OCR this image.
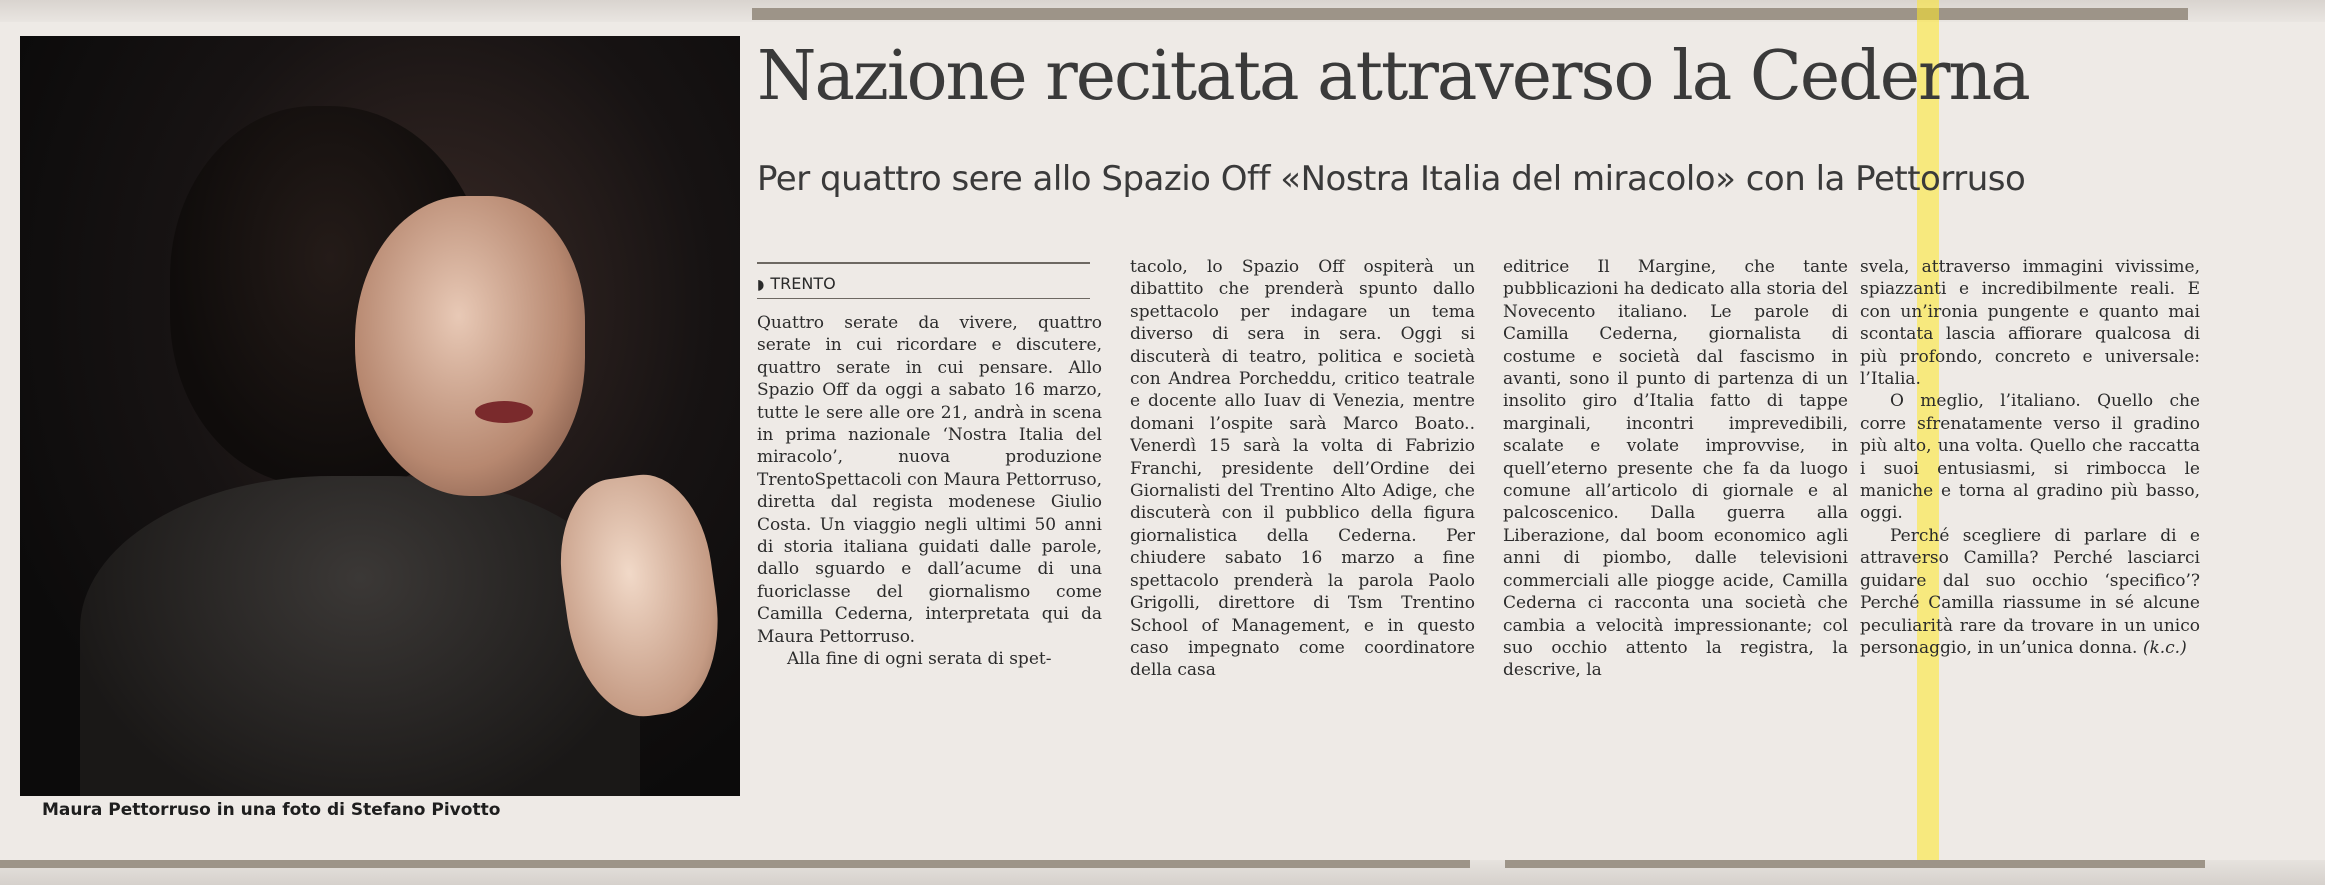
Maura Pettorruso in una foto di Stefano Pivotto
Nazione recitata attraverso la Cederna
Per quattro sere allo Spazio Off «Nostra Italia del miracolo» con la Pettorruso
◗ TRENTO

Quattro serate da vivere, quattro serate in cui ricordare e discutere, quattro serate in cui pensare. Allo Spazio Off da oggi a sabato 16 marzo, tutte le sere alle ore 21, andrà in scena in prima nazionale ‘Nostra Italia del miracolo’, nuova produzione TrentoSpettacoli con Maura Pettorruso, diretta dal regista modenese Giulio Costa. Un viaggio negli ultimi 50 anni di storia italiana guidati dalle parole, dallo sguardo e dall’acume di una fuoriclasse del giornalismo come Camilla Cederna, interpretata qui da Maura Pettorruso.

Alla fine di ogni serata di spet-

tacolo, lo Spazio Off ospiterà un dibattito che prenderà spunto dallo spettacolo per indagare un tema diverso di sera in sera. Oggi si discuterà di teatro, politica e società con Andrea Porcheddu, critico teatrale e docente allo Iuav di Venezia, mentre domani l’ospite sarà Marco Boato.. Venerdì 15 sarà la volta di Fabrizio Franchi, presidente dell’Ordine dei Giornalisti del Trentino Alto Adige, che discuterà con il pubblico della figura giornalistica della Cederna. Per chiudere sabato 16 marzo a fine spettacolo prenderà la parola Paolo Grigolli, direttore di Tsm Trentino School of Management, e in questo caso impegnato come coordinatore della casa

editrice Il Margine, che tante pubblicazioni ha dedicato alla storia del Novecento italiano. Le parole di Camilla Cederna, giornalista di costume e società dal fascismo in avanti, sono il punto di partenza di un insolito giro d’Italia fatto di tappe marginali, incontri imprevedibili, scalate e volate improvvise, in quell’eterno presente che fa da luogo comune all’articolo di giornale e al palcoscenico. Dalla guerra alla Liberazione, dal boom economico agli anni di piombo, dalle televisioni commerciali alle piogge acide, Camilla Cederna ci racconta una società che cambia a velocità impressionante; col suo occhio attento la registra, la descrive, la

svela, attraverso immagini vivissime, spiazzanti e incredibilmente reali. E con un’ironia pungente e quanto mai scontata lascia affiorare qualcosa di più profondo, concreto e universale: l’Italia.

O meglio, l’italiano. Quello che corre sfrenatamente verso il gradino più alto, una volta. Quello che raccatta i suoi entusiasmi, si rimbocca le maniche e torna al gradino più basso, oggi.

Perché scegliere di parlare di e attraverso Camilla? Perché lasciarci guidare dal suo occhio ‘specifico’? Perché Camilla riassume in sé alcune peculiarità rare da trovare in un unico personaggio, in un’unica donna. (k.c.)
